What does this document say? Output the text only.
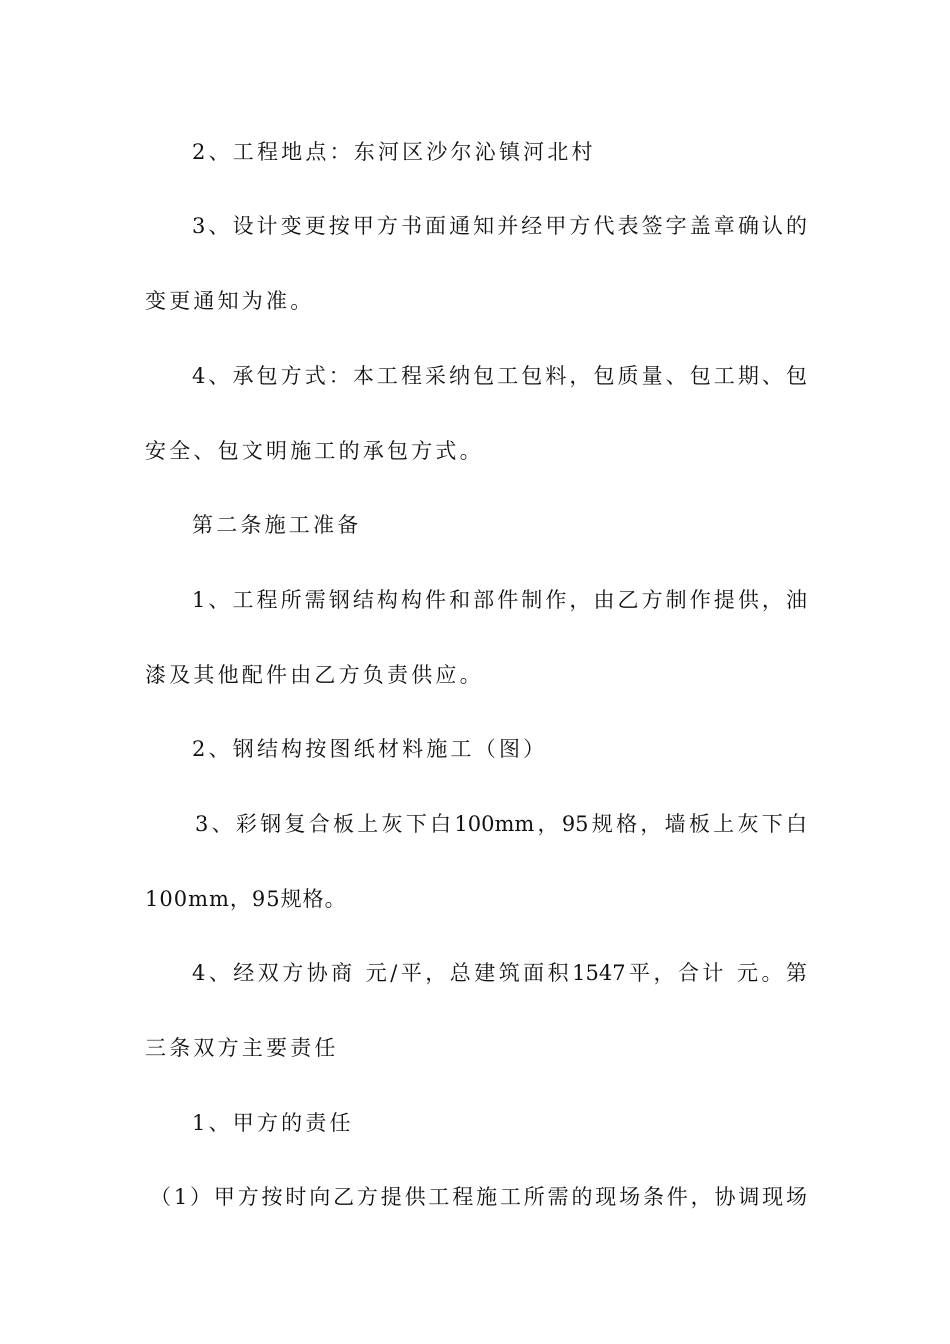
2、工程地点：东河区沙尔沁镇河北村
3、设计变更按甲方书面通知并经甲方代表签字盖章确认的
变更通知为准。
4、承包方式：本工程采纳包工包料，包质量、包工期、包
安全、包文明施工的承包方式。
第二条施工准备
1、工程所需钢结构构件和部件制作，由乙方制作提供，油
漆及其他配件由乙方负责供应。
2、钢结构按图纸材料施工（图）
3、彩钢复合板上灰下白100mm，95规格，墙板上灰下白
100mm，95规格。
4、经双方协商 元/平，总建筑面积1547平，合计 元。第
三条双方主要责任
1、甲方的责任
（1）甲方按时向乙方提供工程施工所需的现场条件，协调现场
